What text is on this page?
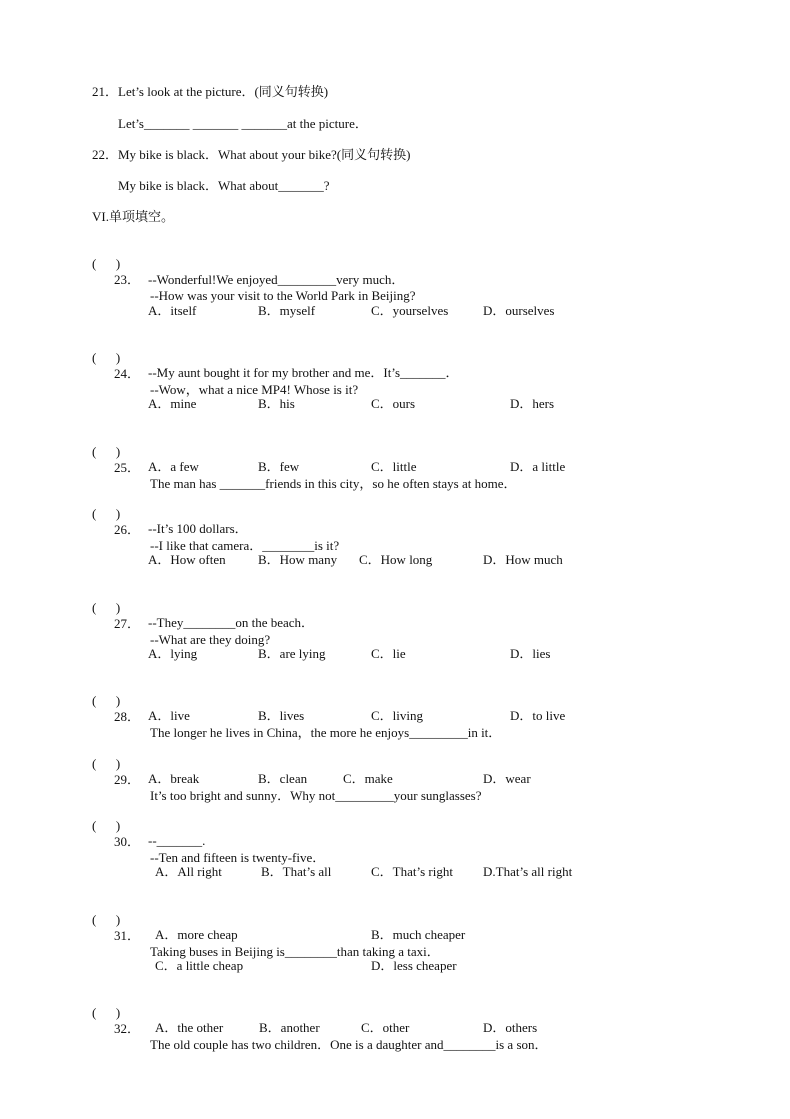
21．Let’s look at the picture．(同义句转换)
Let’s_______ _______ _______at the picture．
22．My bike is black．What about your bike?(同义句转换)
My bike is black．What about_______?
VI.单项填空。

(      )

23．

--How was your visit to the World Park in Beijing?

--Wonderful!We enjoyed_________very much．
A．itself	B．myself	C．yourselves	D．ourselves

(      )

24．

--Wow，what a nice MP4! Whose is it?

--My aunt bought it for my brother and me．It’s_______．
A．mine	B．his	C．ours	D．hers

(      )

25．

The man has _______friends in this city，so he often stays at home．

A．a few	B．few	C．little	D．a little

(      )

26．

--I like that camera．________is it?

--It’s 100 dollars．
A．How often B．How many C．How long	D．How much

(      )

27．

--What are they doing?

--They________on the beach．
A．lying	B．are lying	C．lie	D．lies

(      )

28．

The longer he lives in China，the more he enjoys_________in it．

A．live	B．lives	C．living	D．to live

(      )

29．

It’s too bright and sunny．Why not_________your sunglasses?

A．break	B．clean	C．make	D．wear

(      )

30．

--Ten and fifteen is twenty-five．

--_______.
A．All right	B．That’s all	C．That’s right D.That’s all right

(      )

31．

Taking buses in Beijing is________than taking a taxi．

A．more cheap	B．much cheaper
C．a little cheap	D．less cheaper

(      )

32．

The old couple has two children．One is a daughter and________is a son．

A．the other	B．another	C．other	D．others
